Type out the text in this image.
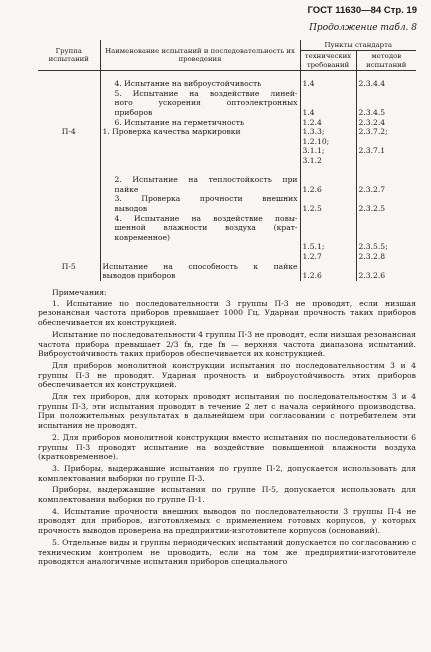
ГОСТ 11630—84 Стр. 19
Продолжение табл. 8
Группа испытаний	Наименование испытаний и последовательность их проведения	Пункты стандарта	
		технических требований	методов испытаний

	4. Испытание на виброустойчивость	1.4	2.3.4.4

	5. Испытание на воздействие линей-		

	ного ускорения оптоэлектронных		

	приборов	1.4	2.3.4.5

	6. Испытание на герметичность	1.2.4	2.3.2.4

П-4	1. Проверка качества маркировки	1.3.3;	2.3.7.2;

		1.2.10;	

		3.1.1;	2.3.7.1

		3.1.2	

	2. Испытание на теплостойкость при		

	пайке	1.2.6	2.3.2.7

	3. Проверка прочности внешних		

	выводов	1.2.5	2.3.2.5

	4. Испытание на воздействие повы-		

	шенной влажности воздуха (крат-		

	ковременное)		

		1.5.1;	2.3.5.5;

		1.2.7	2.3.2.8

П-5	Испытание на способность к пайке		

	выводов приборов	1.2.6	2.3.2.6

Примечания:

1. Испытание по последовательности 3 группы П-3 не проводят, если низшая резонансная частота приборов превышает 1000 Гц. Ударная прочность таких приборов обеспечивается их конструкцией.

Испытание по последовательности 4 группы П-3 не проводят, если низшая резонансная частота прибора превышает 2/3 fв, где fв — верхняя частота диапазона испытаний. Виброустойчивость таких приборов обеспечивается их конструкцией.

Для приборов монолитной конструкции испытания по последовательностям 3 и 4 группы П-3 не проводят. Ударная прочность и виброустойчивость этих приборов обеспечивается их конструкцией.

Для тех приборов, для которых проводят испытания по последовательностям 3 и 4 группы П-3, эти испытания проводят в течение 2 лет с начала серийного производства. При положительных результатах в дальнейшем при согласовании с потребителем эти испытания не проводят.

2. Для приборов монолитной конструкции вместо испытания по последовательности 6 группы П-3 проводят испытание на воздействие повышенной влажности воздуха (кратковременное).

3. Приборы, выдержавшие испытания по группе П-2, допускается использовать для комплектования выборки по группе П-3.

Приборы, выдержавшие испытания по группе П-5, допускается использовать для комплектования выборки по группе П-1.

4. Испытание прочности внешних выводов по последовательности 3 группы П-4 не проводят для приборов, изготовляемых с применением готовых корпусов, у которых прочность выводов проверена на предприятии-изготовителе корпусов (оснований).

5. Отдельные виды и группы периодических испытаний допускается по согласованию с техническим контролем не проводить, если на том же предприятии-изготовителе проводятся аналогичные испытания приборов специального
